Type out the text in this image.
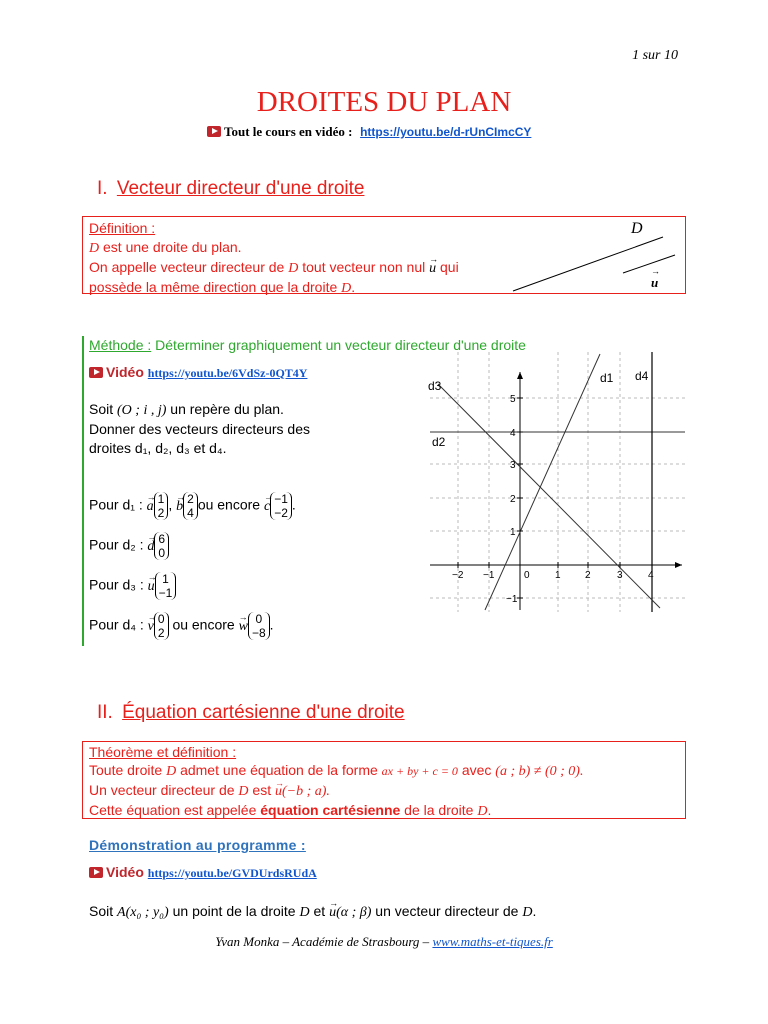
1 sur 10
DROITES DU PLAN
Tout le cours en vidéo : https://youtu.be/d-rUnCImcCY
I. Vecteur directeur d'une droite
Définition :
D est une droite du plan.
On appelle vecteur directeur de D tout vecteur non nul → u qui
possède la même direction que la droite D.
D
→ u
Méthode : Déterminer graphiquement un vecteur directeur d'une droite
Vidéo https://youtu.be/6VdSz-0QT4Y
Soit (O ; i , j) un repère du plan.
Donner des vecteurs directeurs des
droites d₁, d₂, d₃ et d₄.
Pour d₁ : → a 1
2
, → b 2
4
ou encore → c −1
−2
.
Pour d₂ : → d 6
0
Pour d₃ : → u 1
−1
Pour d₄ : → v 0
2
ou encore → w 0
−8
.
−2 −1	0	1 2	3	4
5
4
3
2
1
−1
d3
d1 d4
d2
II. Équation cartésienne d'une droite
Théorème et définition :
Toute droite D admet une équation de la forme ax + by + c = 0 avec (a ; b) ≠ (0 ; 0).
Un vecteur directeur de D est → u(−b ; a).
Cette équation est appelée équation cartésienne de la droite D.
Démonstration au programme :
Vidéo https://youtu.be/GVDUrdsRUdA
Soit A(x₀ ; y₀) un point de la droite D et → u(α ; β) un vecteur directeur de D.
Yvan Monka – Académie de Strasbourg – www.maths-et-tiques.fr
